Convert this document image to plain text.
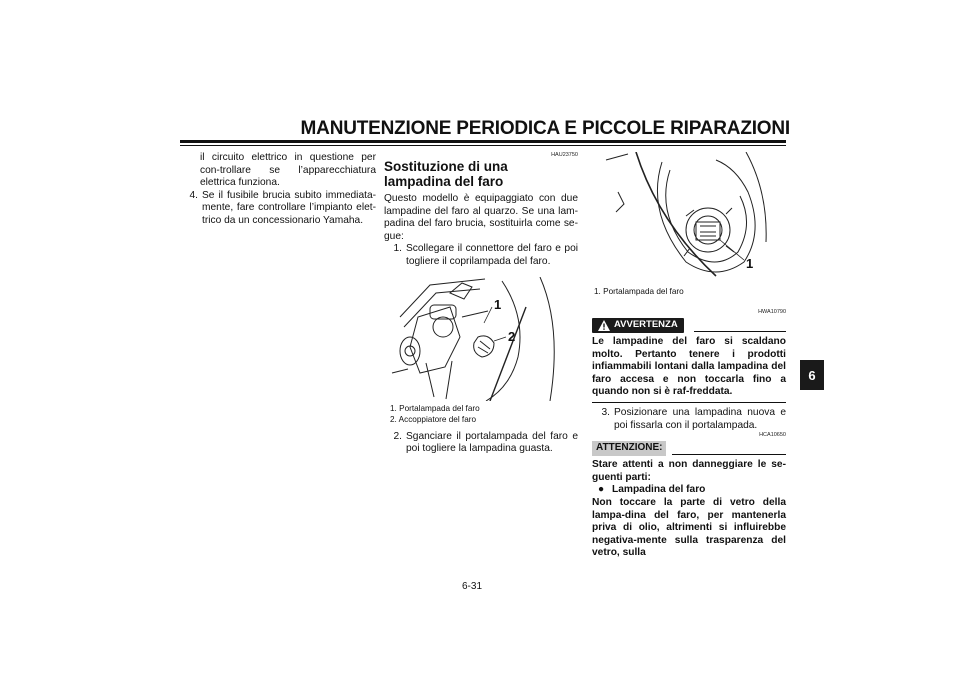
MANUTENZIONE PERIODICA E PICCOLE RIPARAZIONI
il circuito elettrico in questione per con-trollare se l’apparecchiatura elettrica funziona.
4. Se il fusibile brucia subito immediata-mente, fare controllare l’impianto elet-trico da un concessionario Yamaha.
HAU23750
Sostituzione di una lampadina del faro
Questo modello è equipaggiato con due lampadine del faro al quarzo. Se una lam-padina del faro brucia, sostituirla come se-gue:
1. Scollegare il connettore del faro e poi togliere il coprilampada del faro.
1
2
1. Portalampada del faro
2. Accoppiatore del faro
2. Sganciare il portalampada del faro e poi togliere la lampadina guasta.
1
1. Portalampada del faro
HWA10790
AVVERTENZA
Le lampadine del faro si scaldano molto. Pertanto tenere i prodotti infiammabili lontani dalla lampadina del faro accesa e non toccarla fino a quando non si è raf-freddata.
3. Posizionare una lampadina nuova e poi fissarla con il portalampada.
HCA10650
ATTENZIONE:
Stare attenti a non danneggiare le se-guenti parti:
● Lampadina del faro
Non toccare la parte di vetro della lampa-dina del faro, per mantenerla priva di olio, altrimenti si influirebbe negativa-mente sulla trasparenza del vetro, sulla
6
6-31
